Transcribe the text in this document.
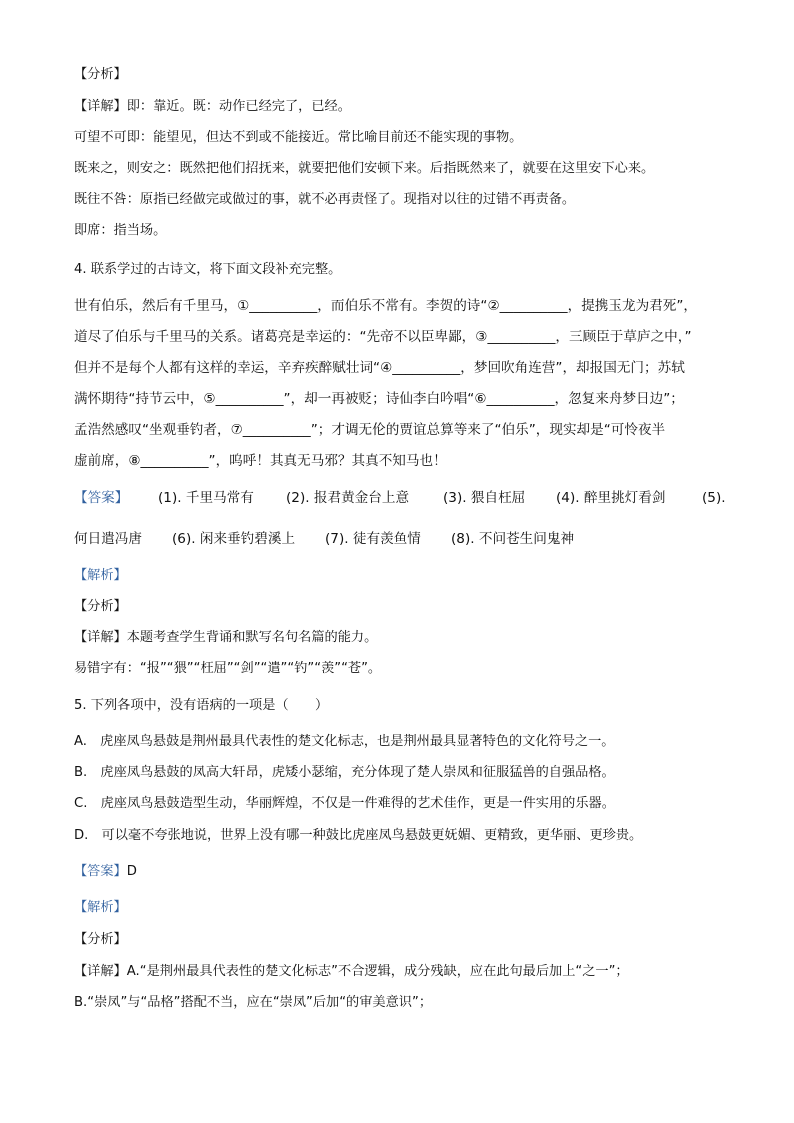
【分析】
【详解】即：靠近。既：动作已经完了，已经。
可望不可即：能望见，但达不到或不能接近。常比喻目前还不能实现的事物。
既来之，则安之：既然把他们招抚来，就要把他们安顿下来。后指既然来了，就要在这里安下心来。
既往不咎：原指已经做完或做过的事，就不必再责怪了。现指对以往的过错不再责备。
即席：指当场。
4. 联系学过的古诗文，将下面文段补充完整。
世有伯乐，然后有千里马，①__________，而伯乐不常有。李贺的诗“②__________，提携玉龙为君死”，
道尽了伯乐与千里马的关系。诸葛亮是幸运的：“先帝不以臣卑鄙，③__________，三顾臣于草庐之中，”
但并不是每个人都有这样的幸运，辛弃疾醉赋壮词“④__________，梦回吹角连营”，却报国无门；苏轼
满怀期待“持节云中，⑤__________”，却一再被贬；诗仙李白吟唱“⑥__________，忽复来舟梦日边”；
孟浩然感叹“坐观垂钓者，⑦__________”；才调无伦的贾谊总算等来了“伯乐”，现实却是“可怜夜半
虚前席，⑧__________”，呜呼！其真无马邪？其真不知马也！
【答案】 (1). 千里马常有 (2). 报君黄金台上意 (3). 猥自枉屈 (4). 醉里挑灯看剑	(5).
何日遣冯唐 (6). 闲来垂钓碧溪上 (7). 徒有羡鱼情 (8). 不问苍生问鬼神
【解析】
【分析】
【详解】本题考查学生背诵和默写名句名篇的能力。
易错字有：“报”“猥”“枉屈”“剑”“遣”“钓”“羡”“苍”。
5. 下列各项中，没有语病的一项是（　　）
A.　虎座凤鸟悬鼓是荆州最具代表性的楚文化标志，也是荆州最具显著特色的文化符号之一。
B.　虎座凤鸟悬鼓的凤高大轩昂，虎矮小瑟缩，充分体现了楚人崇凤和征服猛兽的自强品格。
C.　虎座凤鸟悬鼓造型生动，华丽辉煌，不仅是一件难得的艺术佳作，更是一件实用的乐器。
D.　可以毫不夸张地说，世界上没有哪一种鼓比虎座凤鸟悬鼓更妩媚、更精致，更华丽、更珍贵。
【答案】D
【解析】
【分析】
【详解】A.“是荆州最具代表性的楚文化标志”不合逻辑，成分残缺，应在此句最后加上“之一”；
B.“崇凤”与“品格”搭配不当，应在“崇凤”后加“的审美意识”；
